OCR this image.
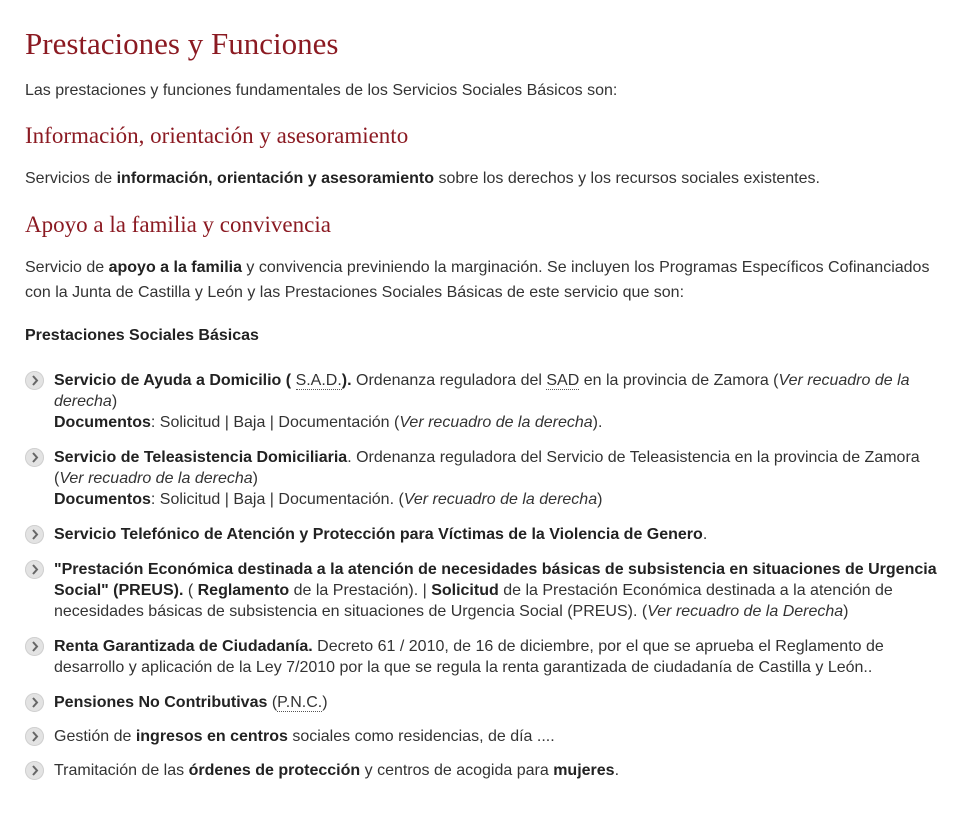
Prestaciones y Funciones

Las prestaciones y funciones fundamentales de los Servicios Sociales Básicos son:

Información, orientación y asesoramiento

Servicios de información, orientación y asesoramiento sobre los derechos y los recursos sociales existentes.

Apoyo a la familia y convivencia

Servicio de apoyo a la familia y convivencia previniendo la marginación. Se incluyen los Programas Específicos Cofinanciados con la Junta de Castilla y León y las Prestaciones Sociales Básicas de este servicio que son:

Prestaciones Sociales Básicas

Servicio de Ayuda a Domicilio ( S.A.D.). Ordenanza reguladora del SAD en la provincia de Zamora (Ver recuadro de la derecha)
Documentos: Solicitud | Baja | Documentación (Ver recuadro de la derecha).
Servicio de Teleasistencia Domiciliaria. Ordenanza reguladora del Servicio de Teleasistencia en la provincia de Zamora (Ver recuadro de la derecha)
Documentos: Solicitud | Baja | Documentación. (Ver recuadro de la derecha)
Servicio Telefónico de Atención y Protección para Víctimas de la Violencia de Genero.
"Prestación Económica destinada a la atención de necesidades básicas de subsistencia en situaciones de Urgencia Social" (PREUS). ( Reglamento de la Prestación). | Solicitud de la Prestación Económica destinada a la atención de necesidades básicas de subsistencia en situaciones de Urgencia Social (PREUS). (Ver recuadro de la Derecha)
Renta Garantizada de Ciudadanía. Decreto 61 / 2010, de 16 de diciembre, por el que se aprueba el Reglamento de desarrollo y aplicación de la Ley 7/2010 por la que se regula la renta garantizada de ciudadanía de Castilla y León..
Pensiones No Contributivas (P.N.C.)
Gestión de ingresos en centros sociales como residencias, de día ....
Tramitación de las órdenes de protección y centros de acogida para mujeres.
